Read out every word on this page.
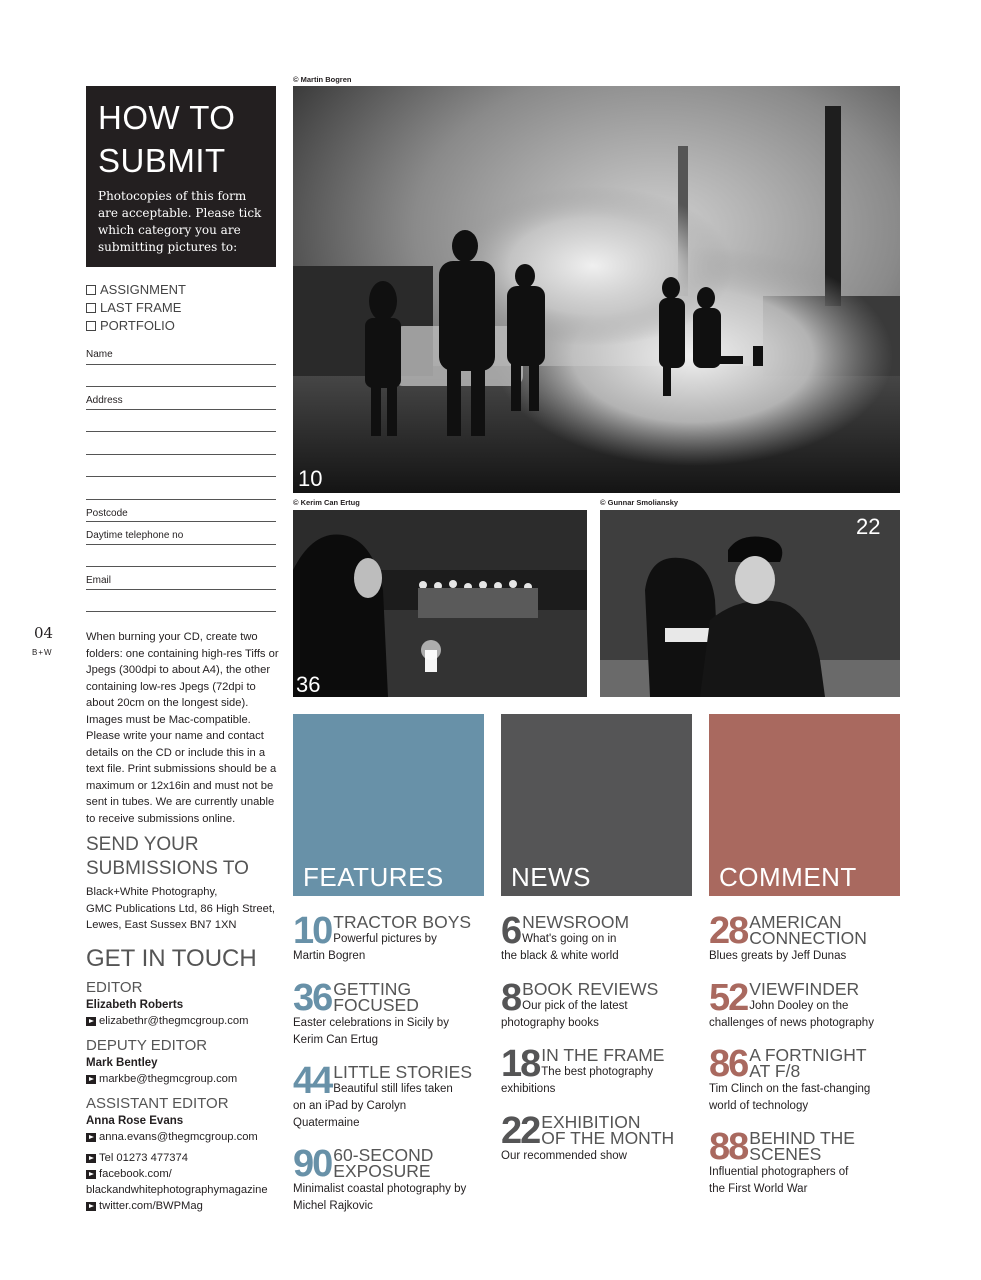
HOW TO
SUBMIT
Photocopies of this form are acceptable. Please tick which category you are submitting pictures to:
ASSIGNMENT
LAST FRAME
PORTFOLIO
Name
Address
Postcode
Daytime telephone no
Email
04
B+W
When burning your CD, create two folders: one containing high-res Tiffs or Jpegs (300dpi to about A4), the other containing low-res Jpegs (72dpi to about 20cm on the longest side). Images must be Mac-compatible. Please write your name and contact details on the CD or include this in a text file. Print submissions should be a maximum or 12x16in and must not be sent in tubes. We are currently unable to receive submissions online.
SEND YOUR
SUBMISSIONS TO
Black+White Photography,
GMC Publications Ltd, 86 High Street,
Lewes, East Sussex BN7 1XN
GET IN TOUCH
EDITOR
Elizabeth Roberts
elizabethr@thegmcgroup.com
DEPUTY EDITOR
Mark Bentley
markbe@thegmcgroup.com
ASSISTANT EDITOR
Anna Rose Evans
anna.evans@thegmcgroup.com
Tel 01273 477374
facebook.com/
blackandwhitephotographymagazine
twitter.com/BWPMag
© Martin Bogren
10
© Kerim Can Ertug
36
© Gunnar Smoliansky
22
FEATURES	NEWS	COMMENT
10 TRACTOR BOYS
Powerful pictures by
Martin Bogren
36 GETTING
FOCUSED
Easter celebrations in Sicily by Kerim Can Ertug
44 LITTLE STORIES
Beautiful still lifes taken
on an iPad by Carolyn Quatermaine
90 60-SECOND
EXPOSURE
Minimalist coastal photography by Michel Rajkovic
6 NEWSROOM
What's going on in
the black & white world
8 BOOK REVIEWS
Our pick of the latest
photography books
18 IN THE FRAME
The best photography
exhibitions
22 EXHIBITION
OF THE MONTH
Our recommended show
28 AMERICAN
CONNECTION
Blues greats by Jeff Dunas
52 VIEWFINDER
John Dooley on the
challenges of news photography
86 A FORTNIGHT
AT F/8
Tim Clinch on the fast-changing world of technology
88 BEHIND THE
SCENES
Influential photographers of the First World War
